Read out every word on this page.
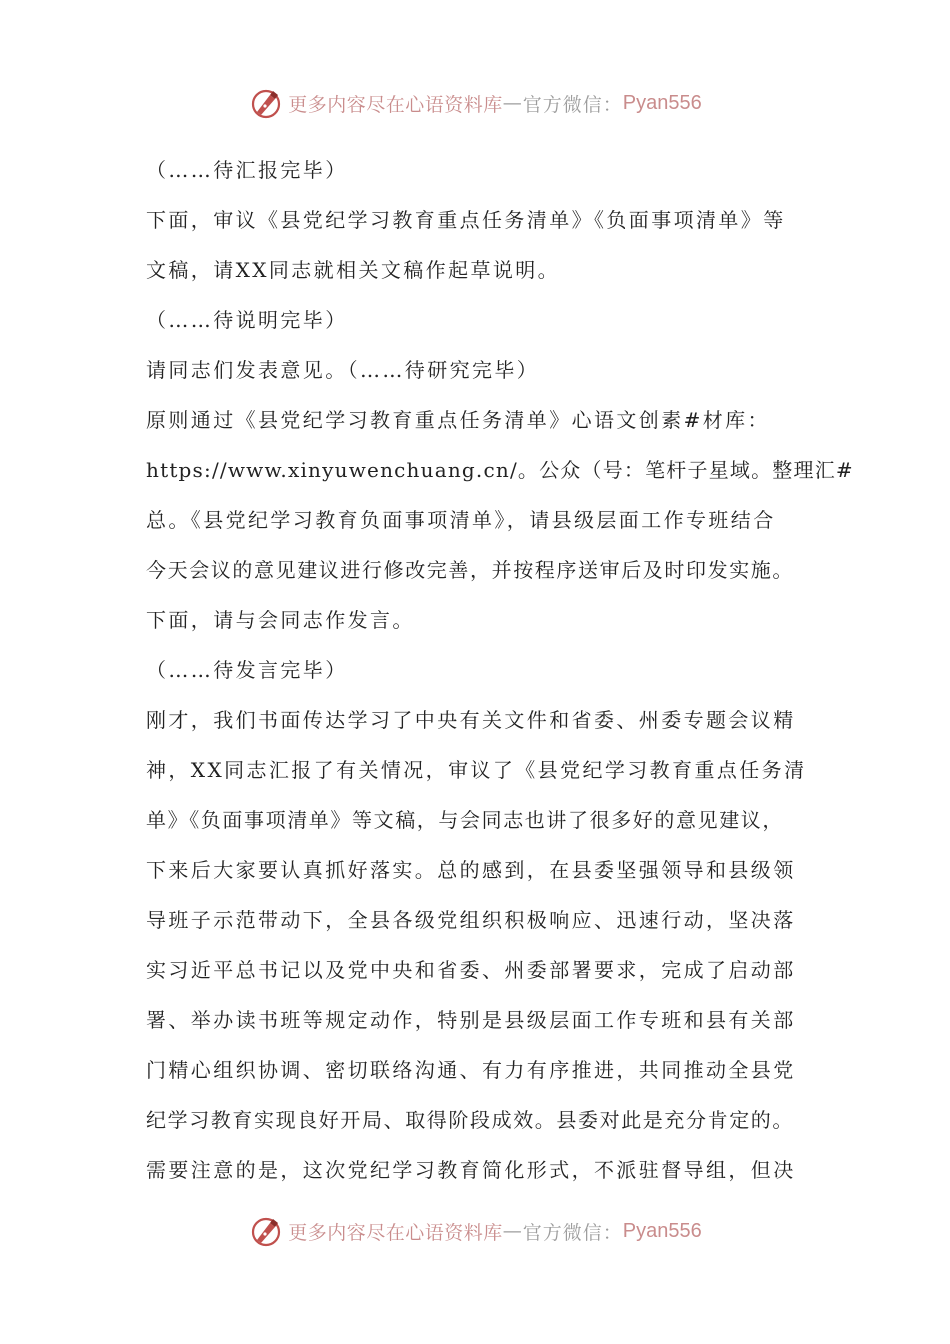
更多内容尽在心语资料库 — 官方微信： Pyan556
（……待汇报完毕）
下面，审议《县党纪学习教育重点任务清单》《负面事项清单》等
文稿，请XX同志就相关文稿作起草说明。
（……待说明完毕）
请同志们发表意见。（……待研究完毕）
原则通过《县党纪学习教育重点任务清单》心语文创素#材库：
https://www.xinyuwenchuang.cn/。公众（号：笔杆子星域。整理汇#
总。《县党纪学习教育负面事项清单》，请县级层面工作专班结合
今天会议的意见建议进行修改完善，并按程序送审后及时印发实施。
下面，请与会同志作发言。
（……待发言完毕）
刚才，我们书面传达学习了中央有关文件和省委、州委专题会议精
神，XX同志汇报了有关情况，审议了《县党纪学习教育重点任务清
单》《负面事项清单》等文稿，与会同志也讲了很多好的意见建议，
下来后大家要认真抓好落实。总的感到，在县委坚强领导和县级领
导班子示范带动下，全县各级党组织积极响应、迅速行动，坚决落
实习近平总书记以及党中央和省委、州委部署要求，完成了启动部
署、举办读书班等规定动作，特别是县级层面工作专班和县有关部
门精心组织协调、密切联络沟通、有力有序推进，共同推动全县党
纪学习教育实现良好开局、取得阶段成效。县委对此是充分肯定的。
需要注意的是，这次党纪学习教育简化形式，不派驻督导组，但决
更多内容尽在心语资料库 — 官方微信： Pyan556
